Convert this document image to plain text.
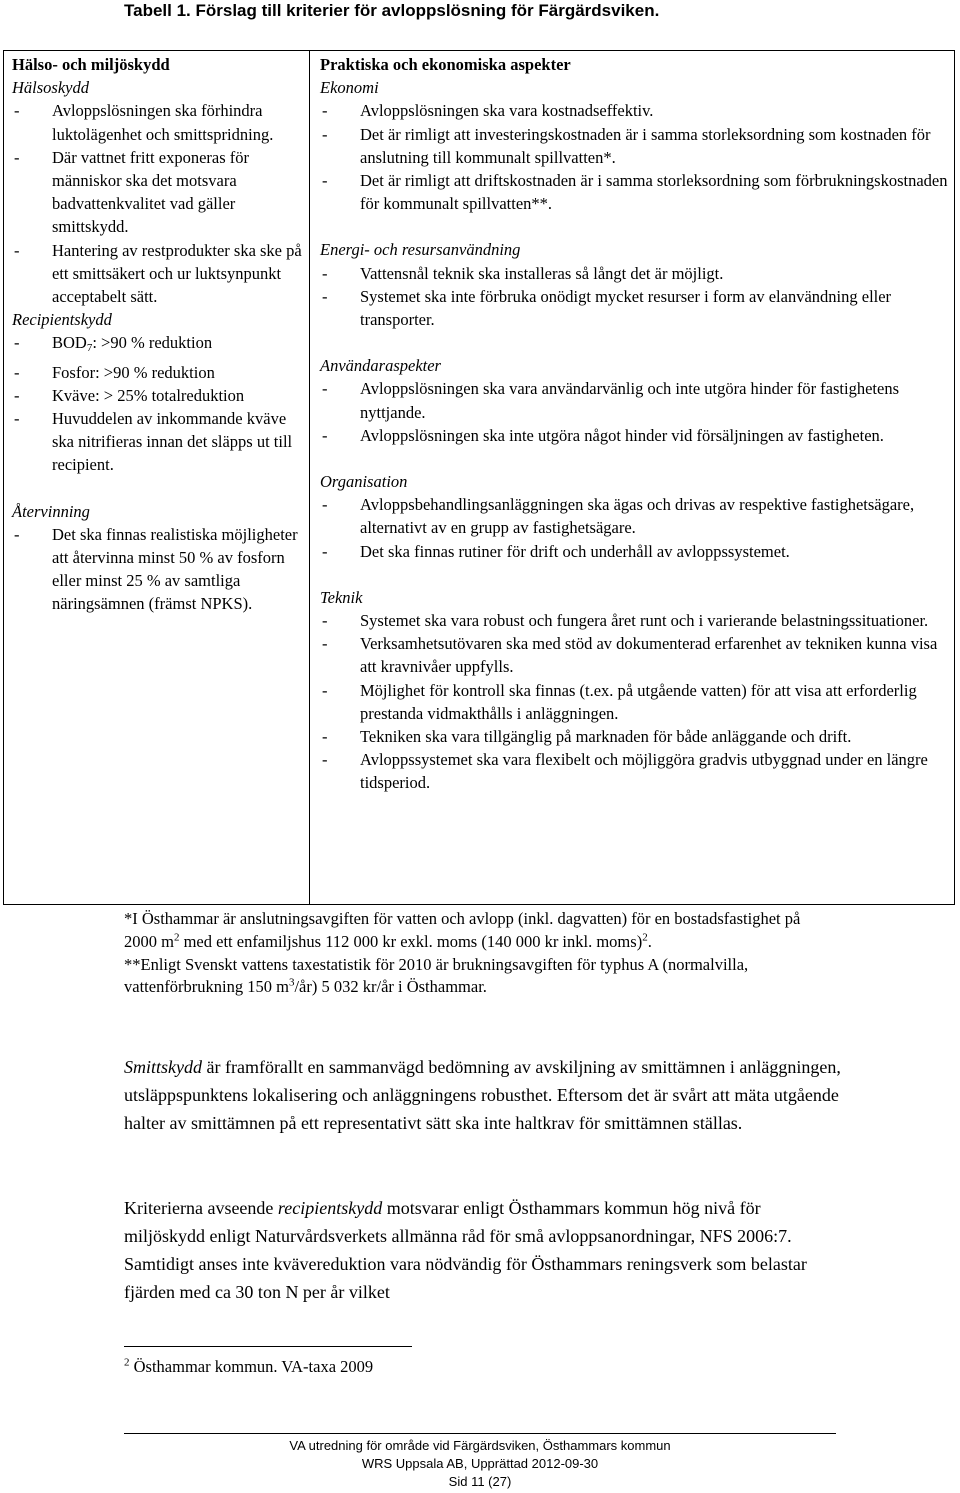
Tabell 1. Förslag till kriterier för avloppslösning för Färgärdsviken.
Hälso- och miljöskydd
Hälsoskydd
- Avloppslösningen ska förhindra luktolägenhet och smittspridning.
- Där vattnet fritt exponeras för människor ska det motsvara badvattenkvalitet vad gäller smittskydd.
- Hantering av restprodukter ska ske på ett smittsäkert och ur luktsynpunkt acceptabelt sätt.
Recipientskydd
- $BOD_7$: >90 % reduktion
- Fosfor: >90 % reduktion
- Kväve: > 25% totalreduktion
- Huvuddelen av inkommande kväve ska nitrifieras innan det släpps ut till recipient.
Återvinning
- Det ska finnas realistiska möjligheter att återvinna minst 50 % av fosforn eller minst 25 % av samtliga näringsämnen (främst NPKS).
Praktiska och ekonomiska aspekter
Ekonomi
- Avloppslösningen ska vara kostnadseffektiv.
- Det är rimligt att investeringskostnaden är i samma storleksordning som kostnaden för anslutning till kommunalt spillvatten*.
- Det är rimligt att driftskostnaden är i samma storleksordning som förbrukningskostnaden för kommunalt spillvatten**.
Energi- och resursanvändning
- Vattensnål teknik ska installeras så långt det är möjligt.
- Systemet ska inte förbruka onödigt mycket resurser i form av elanvändning eller transporter.
Användaraspekter
- Avloppslösningen ska vara användarvänlig och inte utgöra hinder för fastighetens nyttjande.
- Avloppslösningen ska inte utgöra något hinder vid försäljningen av fastigheten.
Organisation
- Avloppsbehandlingsanläggningen ska ägas och drivas av respektive fastighetsägare, alternativt av en grupp av fastighetsägare.
- Det ska finnas rutiner för drift och underhåll av avloppssystemet.
Teknik
- Systemet ska vara robust och fungera året runt och i varierande belastningssituationer.
- Verksamhetsutövaren ska med stöd av dokumenterad erfarenhet av tekniken kunna visa att kravnivåer uppfylls.
- Möjlighet för kontroll ska finnas (t.ex. på utgående vatten) för att visa att erforderlig prestanda vidmakthålls i anläggningen.
- Tekniken ska vara tillgänglig på marknaden för både anläggande och drift.
- Avloppssystemet ska vara flexibelt och möjliggöra gradvis utbyggnad under en längre tidsperiod.
*I Östhammar är anslutningsavgiften för vatten och avlopp (inkl. dagvatten) för en bostadsfastighet på 2000 $m^2$ med ett enfamiljshus 112 000 kr exkl. moms (140 000 kr inkl. moms)$^2$.
**Enligt Svenskt vattens taxestatistik för 2010 är brukningsavgiften för typhus A (normalvilla, vattenförbrukning 150 $m^3/år$) 5 032 kr/år i Östhammar.
Smittskydd är framförallt en sammanvägd bedömning av avskiljning av smittämnen i anläggningen, utsläppspunktens lokalisering och anläggningens robusthet. Eftersom det är svårt att mäta utgående halter av smittämnen på ett representativt sätt ska inte haltkrav för smittämnen ställas.
Kriterierna avseende recipientskydd motsvarar enligt Östhammars kommun hög nivå för miljöskydd enligt Naturvårdsverkets allmänna råd för små avloppsanordningar, NFS 2006:7. Samtidigt anses inte kvävereduktion vara nödvändig för Östhammars reningsverk som belastar fjärden med ca 30 ton N per år vilket
$^2$ Östhammar kommun. VA-taxa 2009
VA utredning för område vid Färgärdsviken, Östhammars kommun
WRS Uppsala AB, Upprättad 2012-09-30
Sid 11 (27)
